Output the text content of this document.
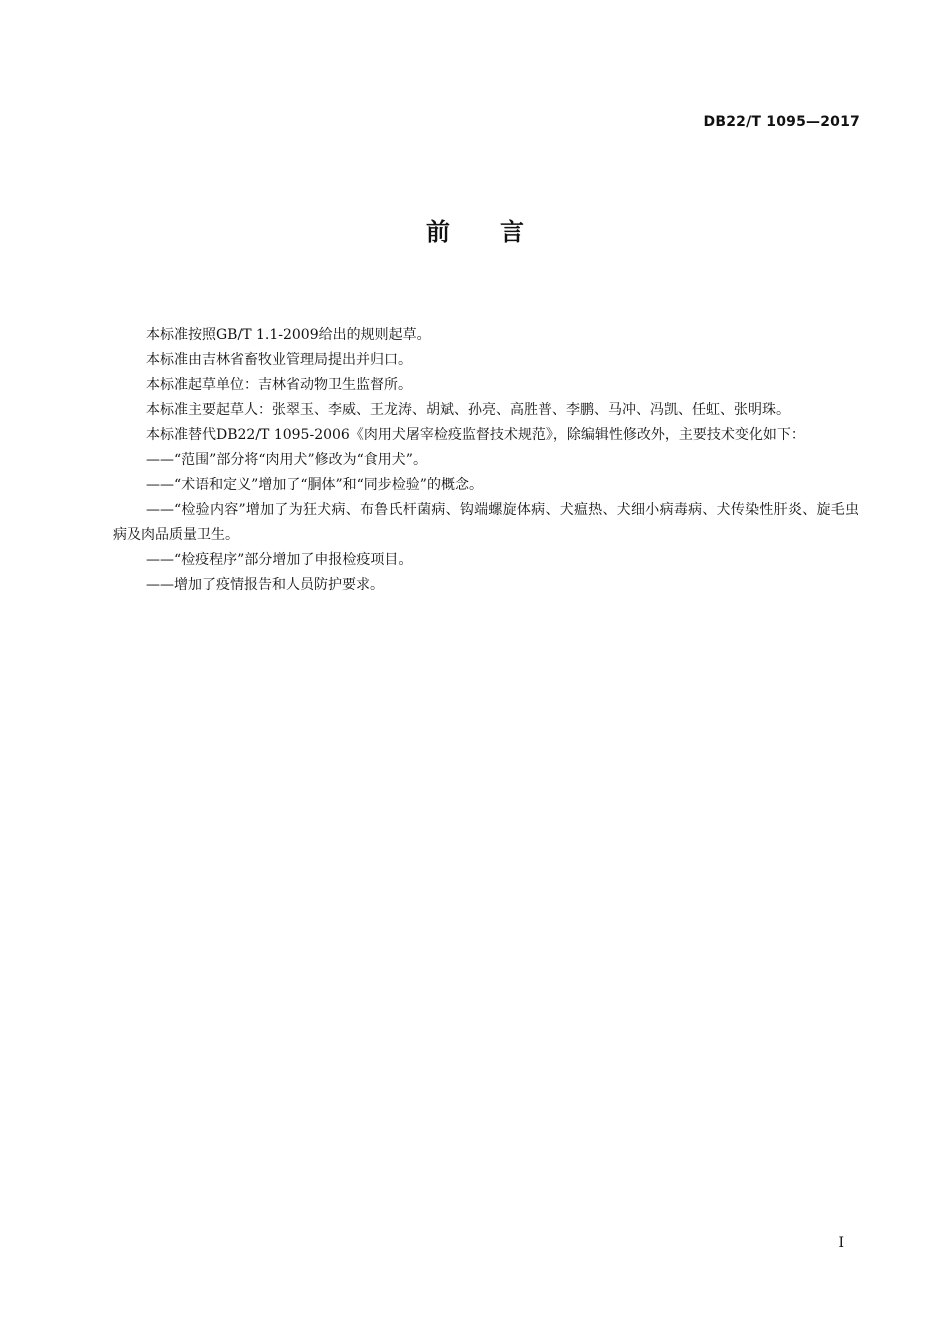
DB22/T 1095—2017
前 言

本标准按照GB/T 1.1-2009给出的规则起草。

本标准由吉林省畜牧业管理局提出并归口。

本标准起草单位：吉林省动物卫生监督所。

本标准主要起草人：张翠玉、李威、王龙涛、胡斌、孙亮、高胜普、李鹏、马冲、冯凯、任虹、张明珠。

本标准替代DB22/T 1095-2006《肉用犬屠宰检疫监督技术规范》，除编辑性修改外，主要技术变化如下：

——“范围”部分将“肉用犬”修改为“食用犬”。

——“术语和定义”增加了“胴体”和“同步检验”的概念。

——“检验内容”增加了为狂犬病、布鲁氏杆菌病、钩端螺旋体病、犬瘟热、犬细小病毒病、犬传染性肝炎、旋毛虫病及肉品质量卫生。

——“检疫程序”部分增加了申报检疫项目。

——增加了疫情报告和人员防护要求。

I
